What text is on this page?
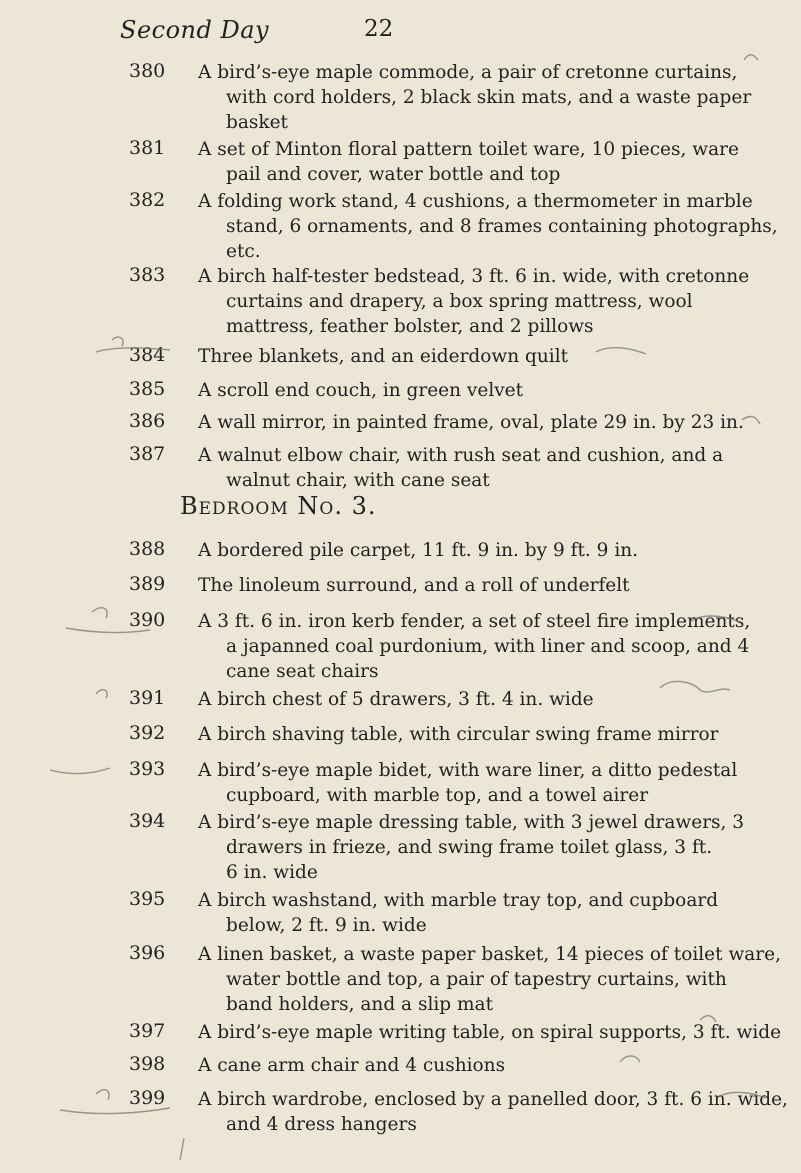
Second Day	22
380	A bird’s-eye maple commode, a pair of cretonne curtains,
with cord holders, 2 black skin mats, and a waste paper
basket
381	A set of Minton floral pattern toilet ware, 10 pieces, ware
pail and cover, water bottle and top
382	A folding work stand, 4 cushions, a thermometer in marble
stand, 6 ornaments, and 8 frames containing photographs,
etc.
383	A birch half-tester bedstead, 3 ft. 6 in. wide, with cretonne
curtains and drapery, a box spring mattress, wool
mattress, feather bolster, and 2 pillows
384	Three blankets, and an eiderdown quilt
385	A scroll end couch, in green velvet
386	A wall mirror, in painted frame, oval, plate 29 in. by 23 in.
387	A walnut elbow chair, with rush seat and cushion, and a
walnut chair, with cane seat
Bedroom No. 3.
388	A bordered pile carpet, 11 ft. 9 in. by 9 ft. 9 in.
389	The linoleum surround, and a roll of underfelt
390	A 3 ft. 6 in. iron kerb fender, a set of steel fire implements,
a japanned coal purdonium, with liner and scoop, and 4
cane seat chairs
391	A birch chest of 5 drawers, 3 ft. 4 in. wide
392	A birch shaving table, with circular swing frame mirror
393	A bird’s-eye maple bidet, with ware liner, a ditto pedestal
cupboard, with marble top, and a towel airer
394	A bird’s-eye maple dressing table, with 3 jewel drawers, 3
drawers in frieze, and swing frame toilet glass, 3 ft.
6 in. wide
395	A birch washstand, with marble tray top, and cupboard
below, 2 ft. 9 in. wide
396	A linen basket, a waste paper basket, 14 pieces of toilet ware,
water bottle and top, a pair of tapestry curtains, with
band holders, and a slip mat
397	A bird’s-eye maple writing table, on spiral supports, 3 ft. wide
398	A cane arm chair and 4 cushions
399	A birch wardrobe, enclosed by a panelled door, 3 ft. 6 in. wide,
and 4 dress hangers
